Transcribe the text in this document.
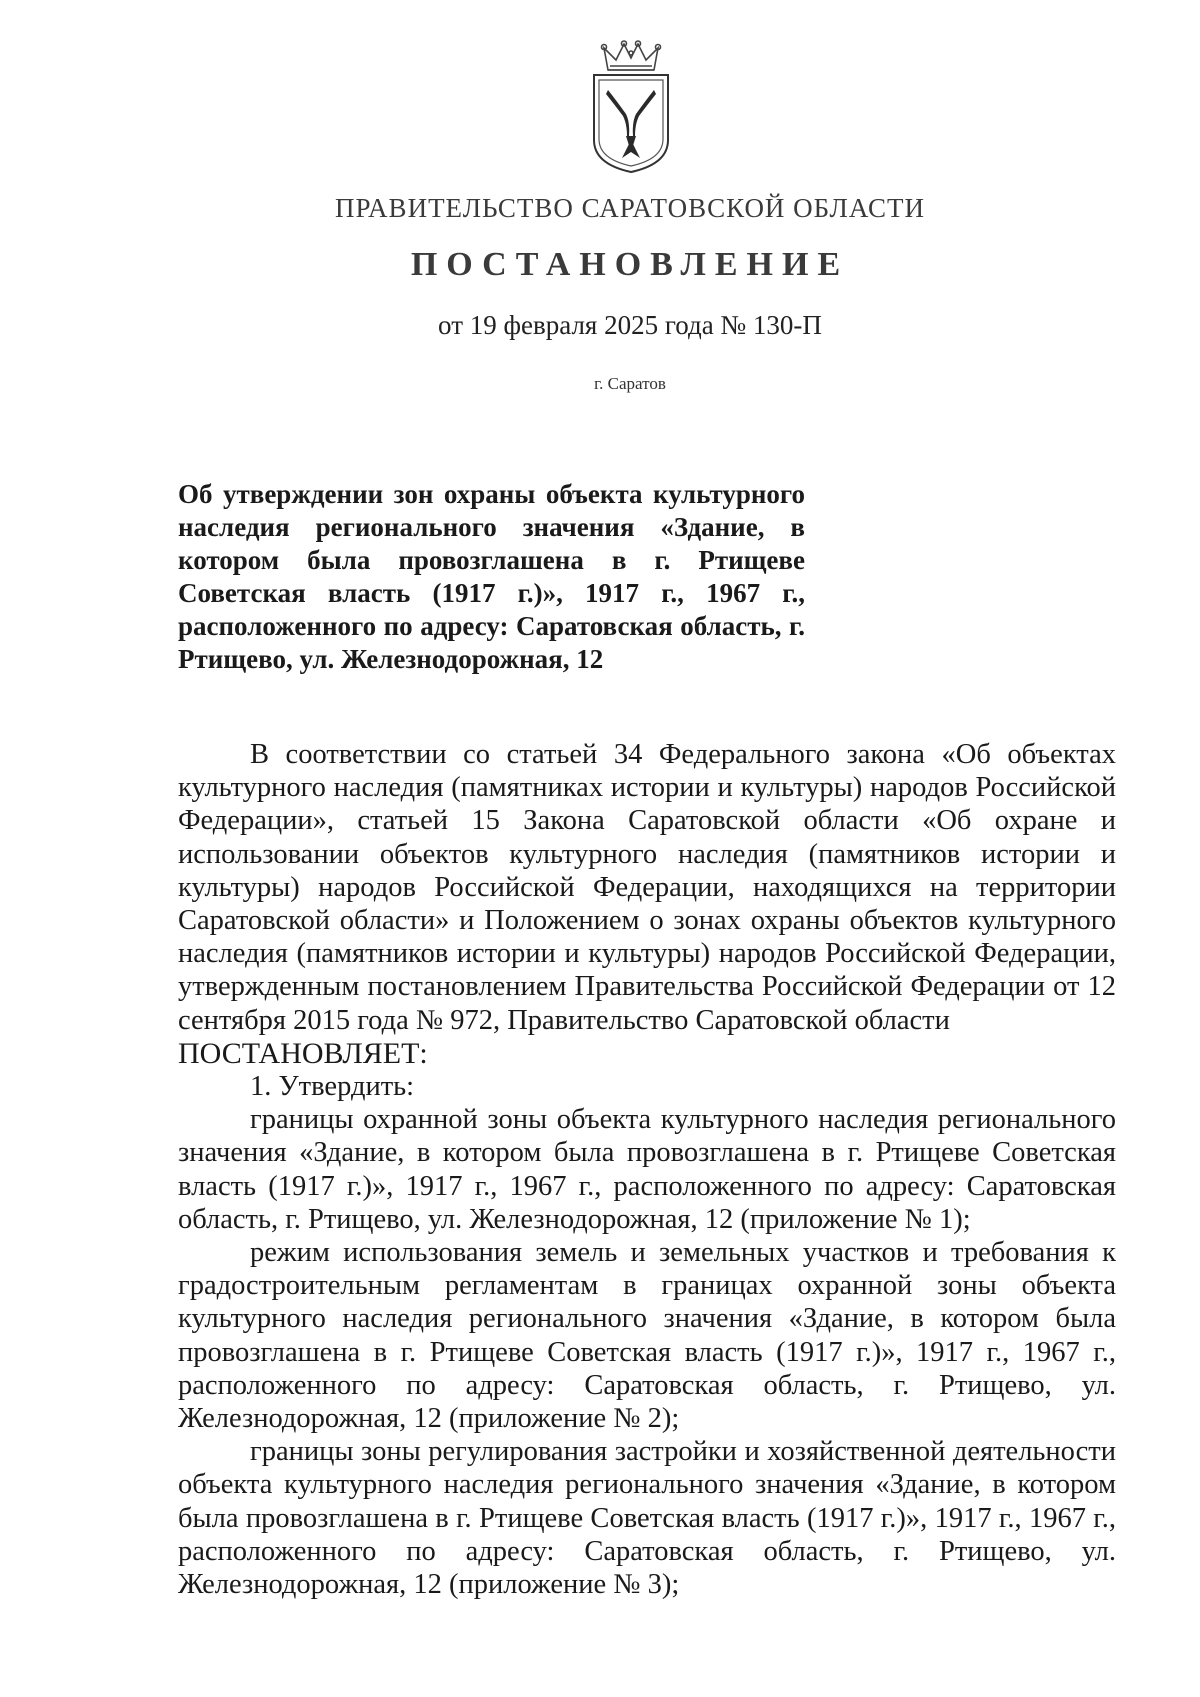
ПРАВИТЕЛЬСТВО САРАТОВСКОЙ ОБЛАСТИ
ПОСТАНОВЛЕНИЕ
от 19 февраля 2025 года № 130-П
г. Саратов
Об утверждении зон охраны объекта культурного наследия регионального значения «Здание, в котором была провозглашена в г. Ртищеве Советская власть (1917 г.)», 1917 г., 1967 г., расположенного по адресу: Саратовская область, г. Ртищево, ул. Железнодорожная, 12

В соответствии со статьей 34 Федерального закона «Об объектах культурного наследия (памятниках истории и культуры) народов Российской Федерации», статьей 15 Закона Саратовской области «Об охране и использовании объектов культурного наследия (памятников истории и культуры) народов Российской Федерации, находящихся на территории Саратовской области» и Положением о зонах охраны объектов культурного наследия (памятников истории и культуры) народов Российской Федерации, утвержденным постановлением Правительства Российской Федерации от 12 сентября 2015 года № 972, Правительство Саратовской области

ПОСТАНОВЛЯЕТ:

1. Утвердить:

границы охранной зоны объекта культурного наследия регионального значения «Здание, в котором была провозглашена в г. Ртищеве Советская власть (1917 г.)», 1917 г., 1967 г., расположенного по адресу: Саратовская область, г. Ртищево, ул. Железнодорожная, 12 (приложение № 1);

режим использования земель и земельных участков и требования к градостроительным регламентам в границах охранной зоны объекта культурного наследия регионального значения «Здание, в котором была провозглашена в г. Ртищеве Советская власть (1917 г.)», 1917 г., 1967 г., расположенного по адресу: Саратовская область, г. Ртищево, ул. Железнодорожная, 12 (приложение № 2);

границы зоны регулирования застройки и хозяйственной деятельности объекта культурного наследия регионального значения «Здание, в котором была провозглашена в г. Ртищеве Советская власть (1917 г.)», 1917 г., 1967 г., расположенного по адресу: Саратовская область, г. Ртищево, ул. Железнодорожная, 12 (приложение № 3);
